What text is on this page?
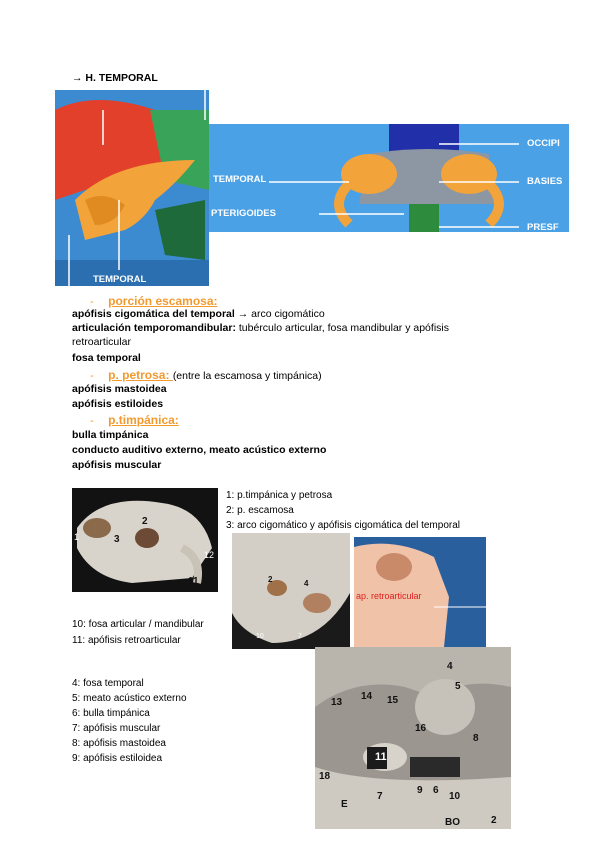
→ H. TEMPORAL
TEMPORAL
TEMPORAL
PTERIGOIDES
OCCIPI
BASIES
PRESF
- porción escamosa:
apófisis cigomática del temporal → arco cigomático
articulación temporomandibular: tubérculo articular, fosa mandibular y apófisis
retroarticular
fosa temporal
- p. petrosa: (entre la escamosa y timpánica)
apófisis mastoidea
apófisis estiloides
- p.timpánica:
bulla timpánica
conducto auditivo externo, meato acústico externo
apófisis muscular
1
2
3
12
11
1: p.timpánica y petrosa
2: p. escamosa
3: arco cigomático y apófisis cigomática del temporal
2	4
10	7
ap. retroarticular
10: fosa articular / mandibular
11: apófisis retroarticular
4: fosa temporal
5: meato acústico externo
6: bulla timpánica
7: apófisis muscular
8: apófisis mastoidea
9: apófisis estiloidea
4
5
13
14 15
16
8
11
18
9 6
10
7
E
BO	2
